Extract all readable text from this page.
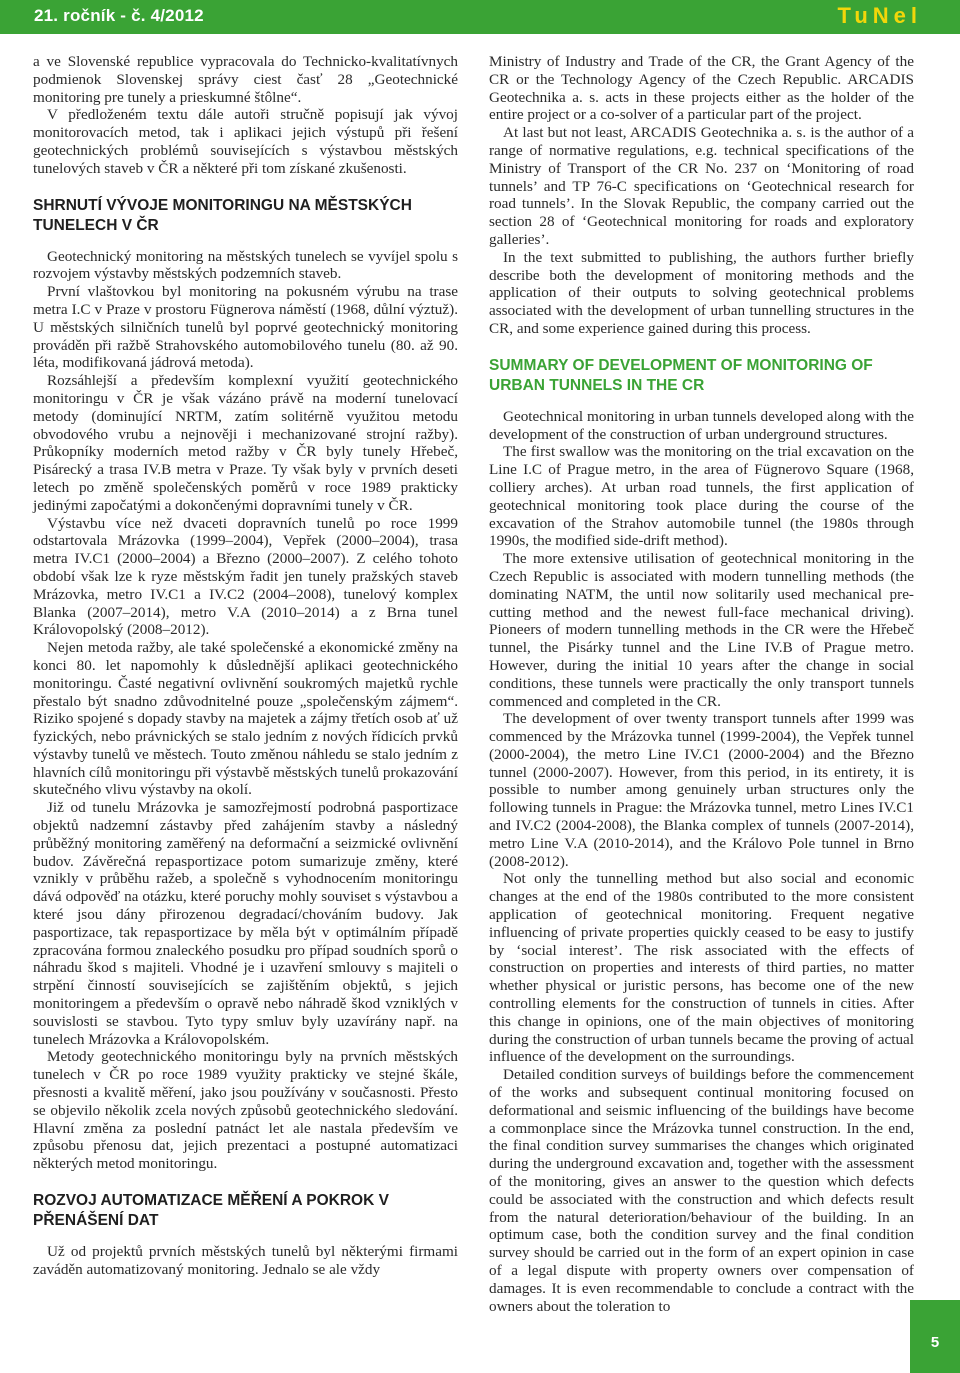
21. ročník - č. 4/2012	TuNel

a ve Slovenské republice vypracovala do Technicko-kvalitatívnych podmienok Slovenskej správy ciest časť 28 „Geotechnické monitoring pre tunely a prieskumné štôlne“.

V předloženém textu dále autoři stručně popisují jak vývoj monitorovacích metod, tak i aplikaci jejich výstupů při řešení geotechnických problémů souvisejících s výstavbou městských tunelových staveb v ČR a některé při tom získané zkušenosti.

SHRNUTÍ VÝVOJE MONITORINGU NA MĚSTSKÝCH TUNELECH V ČR

Geotechnický monitoring na městských tunelech se vyvíjel spolu s rozvojem výstavby městských podzemních staveb.

První vlaštovkou byl monitoring na pokusném výrubu na trase metra I.C v Praze v prostoru Fügnerova náměstí (1968, důlní výztuž). U městských silničních tunelů byl poprvé geotechnický monitoring prováděn při ražbě Strahovského automobilového tunelu (80. až 90. léta, modifikovaná jádrová metoda).

Rozsáhlejší a především komplexní využití geotechnického monitoringu v ČR je však vázáno právě na moderní tunelovací metody (dominující NRTM, zatím solitérně využitou metodu obvodového vrubu a nejnověji i mechanizované strojní ražby). Průkopníky moderních metod ražby v ČR byly tunely Hřebeč, Pisárecký a trasa IV.B metra v Praze. Ty však byly v prvních deseti letech po změně společenských poměrů v roce 1989 prakticky jedinými započatými a dokončenými dopravními tunely v ČR.

Výstavbu více než dvaceti dopravních tunelů po roce 1999 odstartovala Mrázovka (1999–2004), Vepřek (2000–2004), trasa metra IV.C1 (2000–2004) a Březno (2000–2007). Z celého tohoto období však lze k ryze městským řadit jen tunely pražských staveb Mrázovka, metro IV.C1 a IV.C2 (2004–2008), tunelový komplex Blanka (2007–2014), metro V.A (2010–2014) a z Brna tunel Královopolský (2008–2012).

Nejen metoda ražby, ale také společenské a ekonomické změny na konci 80. let napomohly k důslednější aplikaci geotechnického monitoringu. Časté negativní ovlivnění soukromých majetků rychle přestalo být snadno zdůvodnitelné pouze „společenským zájmem“. Riziko spojené s dopady stavby na majetek a zájmy třetích osob ať už fyzických, nebo právnických se stalo jedním z nových řídicích prvků výstavby tunelů ve městech. Touto změnou náhledu se stalo jedním z hlavních cílů monitoringu při výstavbě městských tunelů prokazování skutečného vlivu výstavby na okolí.

Již od tunelu Mrázovka je samozřejmostí podrobná pasportizace objektů nadzemní zástavby před zahájením stavby a následný průběžný monitoring zaměřený na deformační a seizmické ovlivnění budov. Závěrečná repasportizace potom sumarizuje změny, které vznikly v průběhu ražeb, a společně s vyhodnocením monitoringu dává odpověď na otázku, které poruchy mohly souviset s výstavbou a které jsou dány přirozenou degradací/chováním budovy. Jak pasportizace, tak repasportizace by měla být v optimálním případě zpracována formou znaleckého posudku pro případ soudních sporů o náhradu škod s majiteli. Vhodné je i uzavření smlouvy s majiteli o strpění činností souvisejících se zajištěním objektů, s jejich monitoringem a především o opravě nebo náhradě škod vzniklých v souvislosti se stavbou. Tyto typy smluv byly uzavírány např. na tunelech Mrázovka a Královopolském.

Metody geotechnického monitoringu byly na prvních městských tunelech v ČR po roce 1989 využity prakticky ve stejné škále, přesnosti a kvalitě měření, jako jsou používány v současnosti. Přesto se objevilo několik zcela nových způsobů geotechnického sledování. Hlavní změna za poslední patnáct let ale nastala především ve způsobu přenosu dat, jejich prezentaci a postupné automatizaci některých metod monitoringu.

ROZVOJ AUTOMATIZACE MĚŘENÍ A POKROK V PŘENÁŠENÍ DAT

Už od projektů prvních městských tunelů byl některými firmami zaváděn automatizovaný monitoring. Jednalo se ale vždy

Ministry of Industry and Trade of the CR, the Grant Agency of the CR or the Technology Agency of the Czech Republic. ARCADIS Geotechnika a. s. acts in these projects either as the holder of the entire project or a co-solver of a particular part of the project.

At last but not least, ARCADIS Geotechnika a. s. is the author of a range of normative regulations, e.g. technical specifications of the Ministry of Transport of the CR No. 237 on ‘Monitoring of road tunnels’ and TP 76-C specifications on ‘Geotechnical research for road tunnels’. In the Slovak Republic, the company carried out the section 28 of ‘Geotechnical monitoring for roads and exploratory galleries’.

In the text submitted to publishing, the authors further briefly describe both the development of monitoring methods and the application of their outputs to solving geotechnical problems associated with the development of urban tunnelling structures in the CR, and some experience gained during this process.

SUMMARY OF DEVELOPMENT OF MONITORING OF URBAN TUNNELS IN THE CR

Geotechnical monitoring in urban tunnels developed along with the development of the construction of urban underground structures.

The first swallow was the monitoring on the trial excavation on the Line I.C of Prague metro, in the area of Fügnerovo Square (1968, colliery arches). At urban road tunnels, the first application of geotechnical monitoring took place during the course of the excavation of the Strahov automobile tunnel (the 1980s through 1990s, the modified side-drift method).

The more extensive utilisation of geotechnical monitoring in the Czech Republic is associated with modern tunnelling methods (the dominating NATM, the until now solitarily used mechanical pre-cutting method and the newest full-face mechanical driving). Pioneers of modern tunnelling methods in the CR were the Hřebeč tunnel, the Pisárky tunnel and the Line IV.B of Prague metro. However, during the initial 10 years after the change in social conditions, these tunnels were practically the only transport tunnels commenced and completed in the CR.

The development of over twenty transport tunnels after 1999 was commenced by the Mrázovka tunnel (1999-2004), the Vepřek tunnel (2000-2004), the metro Line IV.C1 (2000-2004) and the Březno tunnel (2000-2007). However, from this period, in its entirety, it is possible to number among genuinely urban structures only the following tunnels in Prague: the Mrázovka tunnel, metro Lines IV.C1 and IV.C2 (2004-2008), the Blanka complex of tunnels (2007-2014), metro Line V.A (2010-2014), and the Královo Pole tunnel in Brno (2008-2012).

Not only the tunnelling method but also social and economic changes at the end of the 1980s contributed to the more consistent application of geotechnical monitoring. Frequent negative influencing of private properties quickly ceased to be easy to justify by ‘social interest’. The risk associated with the effects of construction on properties and interests of third parties, no matter whether physical or juristic persons, has become one of the new controlling elements for the construction of tunnels in cities. After this change in opinions, one of the main objectives of monitoring during the construction of urban tunnels became the proving of actual influence of the development on the surroundings.

Detailed condition surveys of buildings before the commencement of the works and subsequent continual monitoring focused on deformational and seismic influencing of the buildings have become a commonplace since the Mrázovka tunnel construction. In the end, the final condition survey summarises the changes which originated during the underground excavation and, together with the assessment of the monitoring, gives an answer to the question which defects could be associated with the construction and which defects result from the natural deterioration/behaviour of the building. In an optimum case, both the condition survey and the final condition survey should be carried out in the form of an expert opinion in case of a legal dispute with property owners over compensation of damages. It is even recommendable to conclude a contract with the owners about the toleration to

5
